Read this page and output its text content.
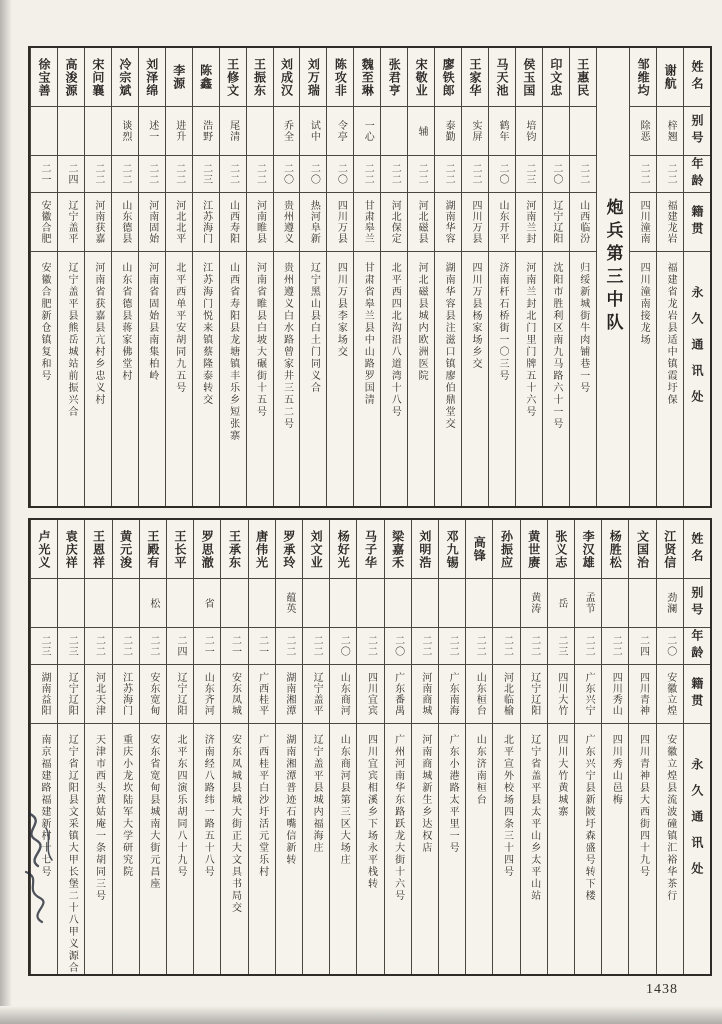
姓名
别号
年龄
籍贯
永久通讯处
谢航
梓翘
二二
福建龙岩
福建省龙岩县适中镇霞圩保
邹维均
除恶
二二
四川潼南
四川潼南接龙场
炮兵第三中队
王惠民
二二
山西临汾
归绥新城街牛肉铺巷一号
印文忠
二〇
辽宁辽阳
沈阳市胜利区南九马路六十一号
侯玉国
培钧
二三
河南兰封
河南兰封北门里门牌五十六号
马天池
鹤年
二〇
山东开平
济南杆石桥街一〇三号
王家华
实屏
二二
四川万县
四川万县杨家场乡交
廖铁郎
泰勤
二二
湖南华容
湖南华容县注滋口镇廖伯鼎堂交
宋敬业
辅
二二
河北磁县
河北磁县城内欧洲医院
张君亨
二二
河北保定
北平西四北沟沿八道湾十八号
魏至琳
一心
二二
甘肃皋兰
甘肃省皋兰县中山路罗国清
陈攻非
令亭
二〇
四川万县
四川万县李家场交
刘万瑞
试中
二〇
热河阜新
辽宁黑山县白土门同义合
刘成汉
乔全
二〇
贵州遵义
贵州遵义白水路曾家井三五二号
王振东
二二
河南睢县
河南省睢县白坡大碾街十五号
王修文
尾清
二二
山西寿阳
山西省寿阳县龙塘镇丰乐乡短张寨
陈鑫
浩野
二三
江苏海门
江苏海门悦来镇蔡隆泰转交
李源
进升
二二
河北北平
北平西单平安胡同九五号
刘泽绵
述一
二二
河南固始
河南省固始县南集柏岭
冷宗斌
谈烈
二二
山东德县
山东省德县蒋家佛堂村
宋问襄
二二
河南获嘉
河南省获嘉县亢村乡忠义村
高浚源
二四
辽宁盖平
辽宁盖平县熊岳城站前振兴合
徐宝善
二一
安徽合肥
安徽合肥新仓镇复和号
姓名
别号
年龄
籍贯
永久通讯处
江贤信
劲澜
二〇
安徽立煌
安徽立煌县流波䃥镇汇裕华茶行
文国治
二四
四川青神
四川青神县大西街四十九号
杨胜松
二二
四川秀山
四川秀山邑梅
李汉雄
孟节
二二
广东兴宁
广东兴宁县新陂圩森盛号转下楼
张义志
岳
二三
四川大竹
四川大竹黄城寨
黄世赓
黄涛
二二
辽宁辽阳
辽宁省盖平县太平山乡太平山站
孙振应
二二
河北临榆
北平宣外校场四条三十四号
高锋
二二
山东桓台
山东济南桓台
邓九锡
二二
广东南海
广东小港路太平里一号
刘明浩
二二
河南商城
河南商城新生乡达权店
梁嘉禾
二〇
广东番禺
广州河南华东路跃龙大街十六号
马子华
二二
四川宜宾
四川宜宾相溪乡下场永平栈转
杨好光
二〇
山东商河
山东商河县第三区大场庄
刘文业
二二
辽宁盖平
辽宁盖平县城内福海庄
罗承玲
蕴英
二二
湖南湘潭
湖南湘潭普迹石嘴信新转
唐伟光
二一
广西桂平
广西桂平白沙圩活元堂乐村
王承东
二一
安东凤城
安东凤城县城大街正大文具书局交
罗思澈
省
二一
山东齐河
济南经八路纬一路五十八号
王长平
二四
辽宁辽阳
北平东四演乐胡同八十九号
王殿有
松
二二
安东宽甸
安东省宽甸县城南大街元昌座
黄元浚
二二
江苏海门
重庆小龙坎陆军大学研究院
王恩祥
二二
河北天津
天津市西头黄姑庵一条胡同三号
袁庆祥
二三
辽宁辽阳
辽宁省辽阳县文采镇大甲长堡二十八甲义源合
卢光义
二三
湖南益阳
南京福建路福建新村十七号
1438
